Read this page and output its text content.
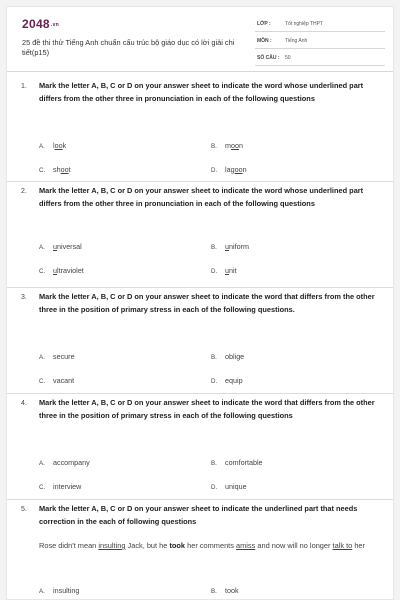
2048.vn
25 đề thi thử Tiếng Anh chuẩn cấu trúc bộ giáo dục có lời giải chi tiết(p15)
LỚP :	Tốt nghiệp THPT
MÔN :	Tiếng Anh
SỐ CÂU : 50
1. Mark the letter A, B, C or D on your answer sheet to indicate the word whose underlined part differs from the other three in pronunciation in each of the following questions
A. look	B. moon
C. shoot	D. lagoon
2. Mark the letter A, B, C or D on your answer sheet to indicate the word whose underlined part differs from the other three in pronunciation in each of the following questions
A. universal	B. uniform
C. ultraviolet	D. unit
3. Mark the letter A, B, C or D on your answer sheet to indicate the word that differs from the other three in the position of primary stress in each of the following questions.
A. secure	B. oblige
C. vacant	D. equip
4. Mark the letter A, B, C or D on your answer sheet to indicate the word that differs from the other three in the position of primary stress in each of the following questions
A. accompany	B. comfortable
C. interview	D. unique
5. Mark the letter A, B, C or D on your answer sheet to indicate the underlined part that needs correction in the each of following questions
Rose didn't mean insulting Jack, but he took her comments amiss and now will no longer talk to her
A. insulting	B. took
